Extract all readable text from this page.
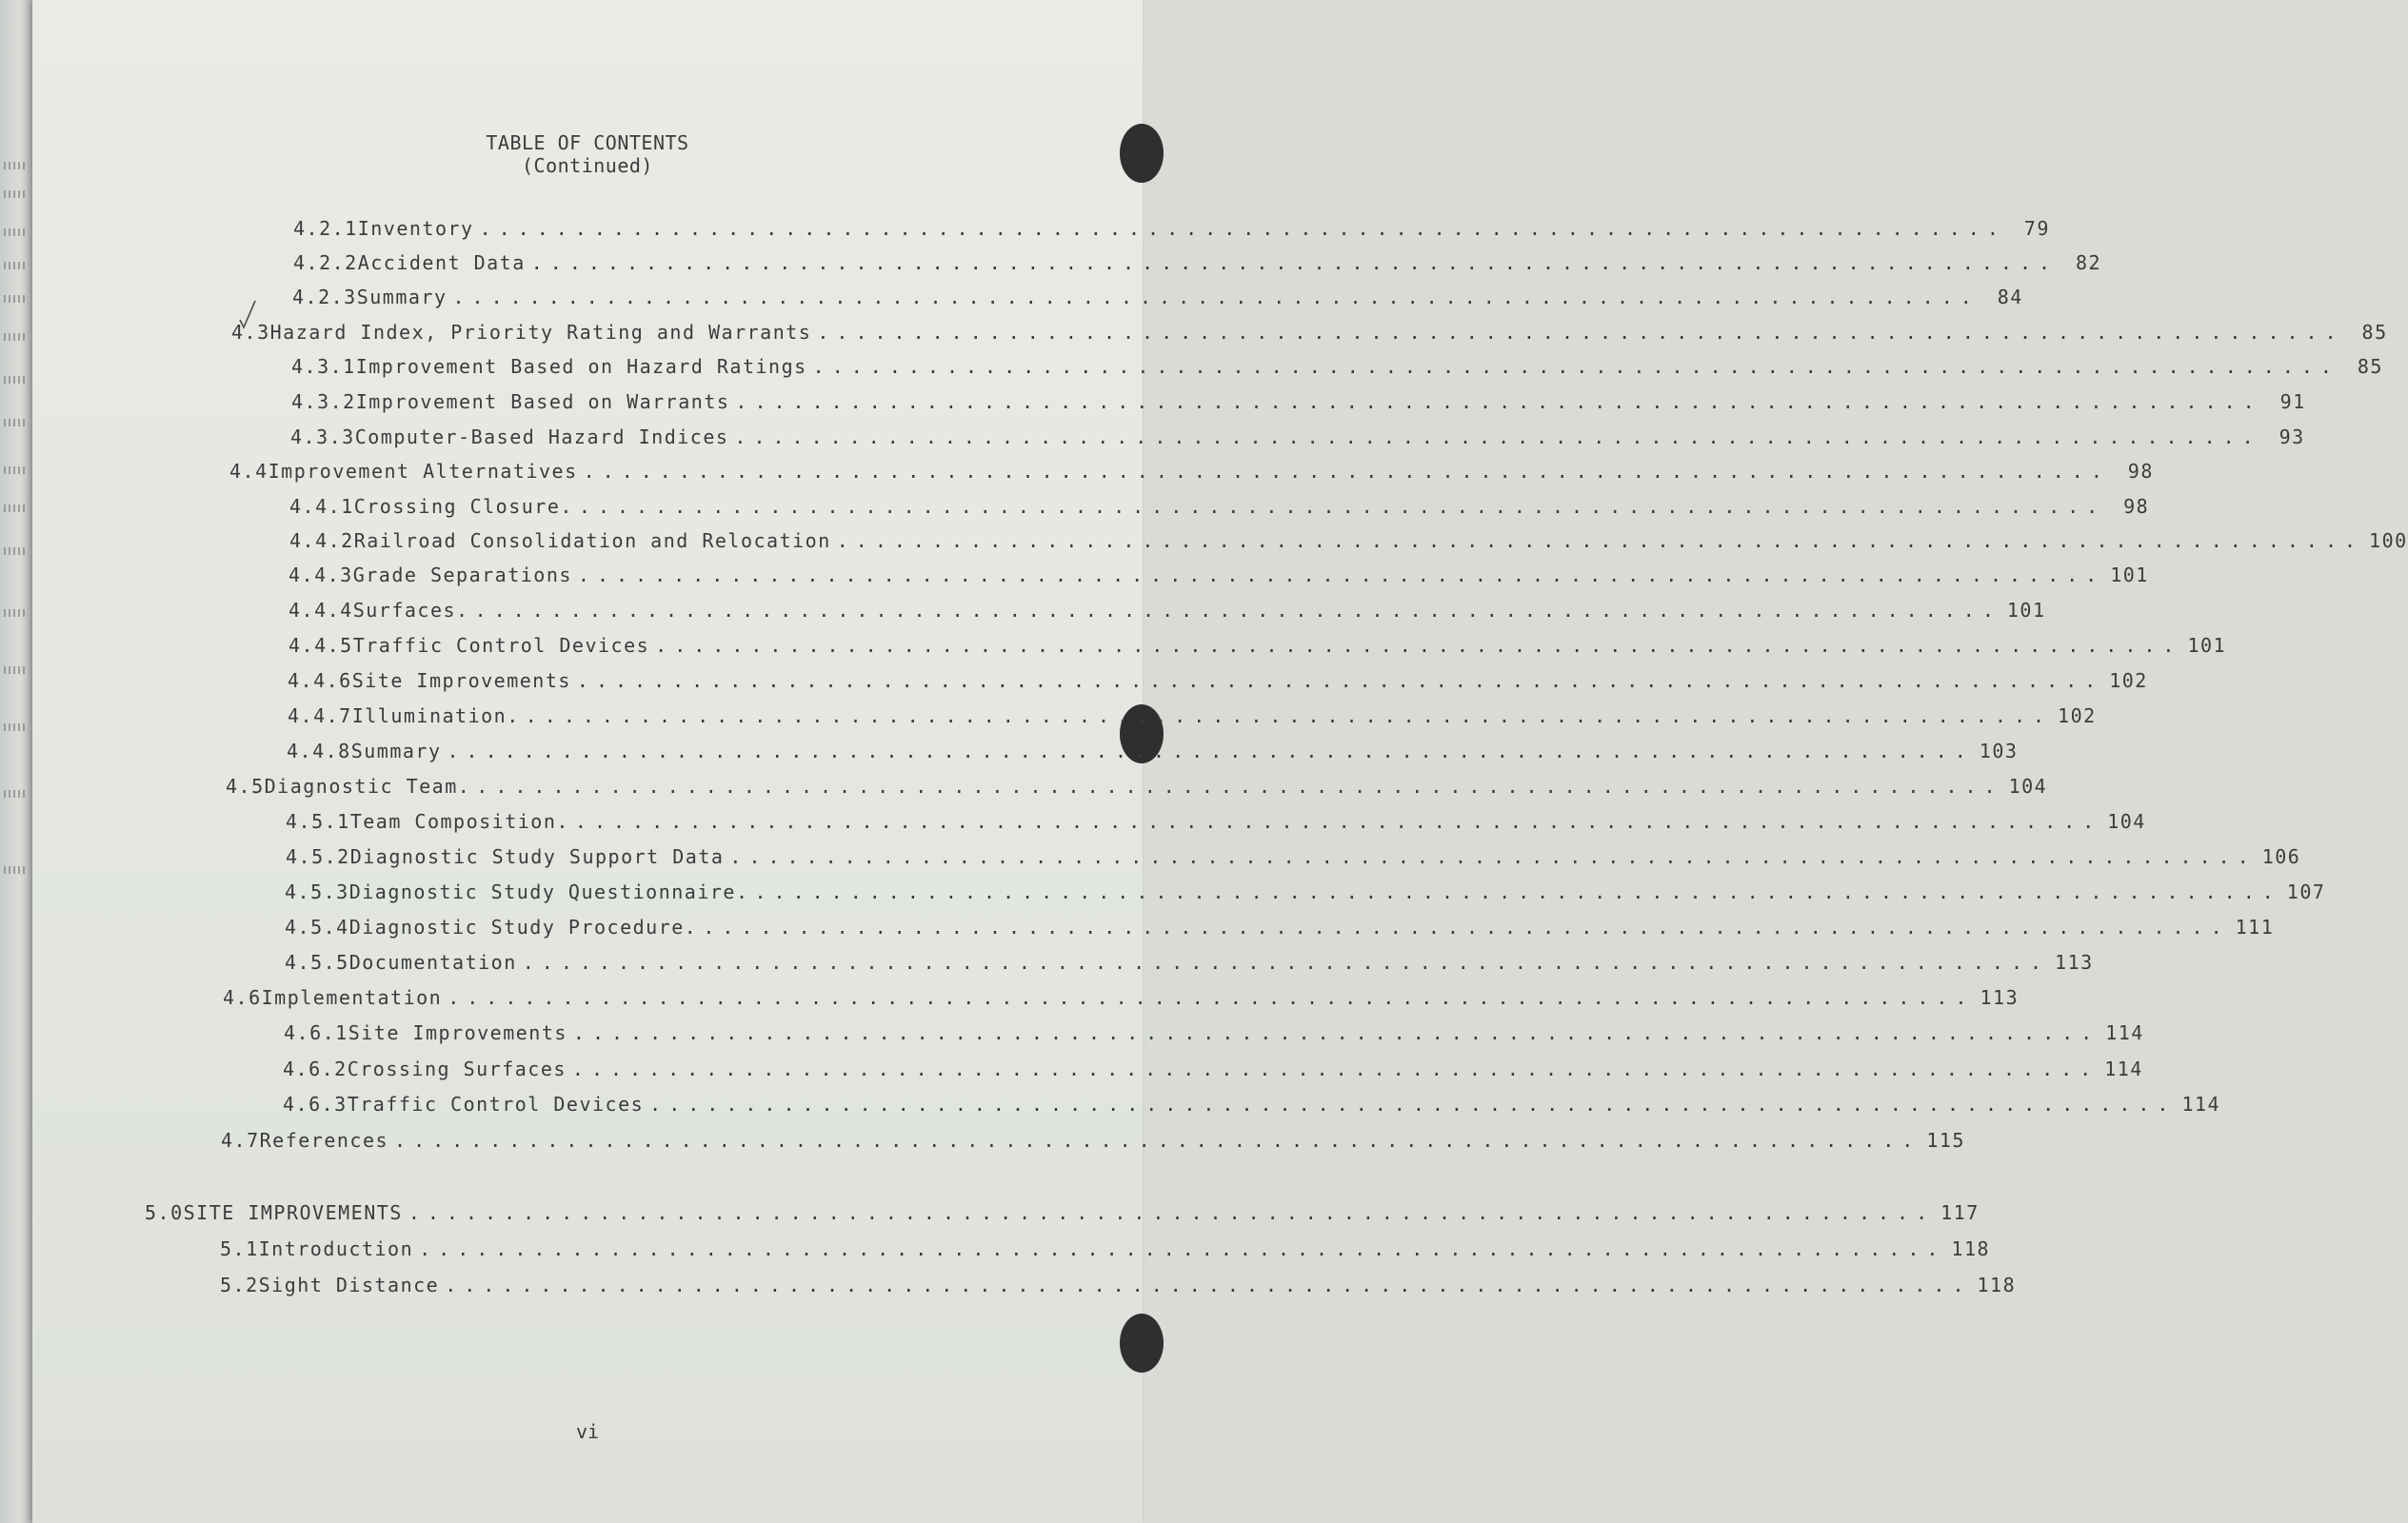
TABLE OF CONTENTS
(Continued)
4.2.1 Inventory ................................................................................ 79
4.2.2 Accident Data ................................................................................ 82
4.2.3 Summary ................................................................................ 84
4.3 Hazard Index, Priority Rating and Warrants ................................................................................ 85
4.3.1 Improvement Based on Hazard Ratings ................................................................................ 85
4.3.2 Improvement Based on Warrants ................................................................................ 91
4.3.3 Computer-Based Hazard Indices ................................................................................ 93
4.4 Improvement Alternatives ................................................................................ 98
4.4.1 Crossing Closure. ................................................................................ 98
4.4.2 Railroad Consolidation and Relocation ................................................................................ 100
4.4.3 Grade Separations ................................................................................ 101
4.4.4 Surfaces. ................................................................................ 101
4.4.5 Traffic Control Devices ................................................................................ 101
4.4.6 Site Improvements ................................................................................ 102
4.4.7 Illumination. ................................................................................ 102
4.4.8 Summary ................................................................................ 103
4.5 Diagnostic Team. ................................................................................ 104
4.5.1 Team Composition. ................................................................................ 104
4.5.2 Diagnostic Study Support Data ................................................................................ 106
4.5.3 Diagnostic Study Questionnaire. ................................................................................ 107
4.5.4 Diagnostic Study Procedure. ................................................................................ 111
4.5.5 Documentation ................................................................................ 113
4.6 Implementation ................................................................................ 113
4.6.1 Site Improvements ................................................................................ 114
4.6.2 Crossing Surfaces ................................................................................ 114
4.6.3 Traffic Control Devices ................................................................................ 114
4.7 References ................................................................................ 115
5.0 SITE IMPROVEMENTS ................................................................................ 117
5.1 Introduction ................................................................................ 118
5.2 Sight Distance ................................................................................ 118
vi
